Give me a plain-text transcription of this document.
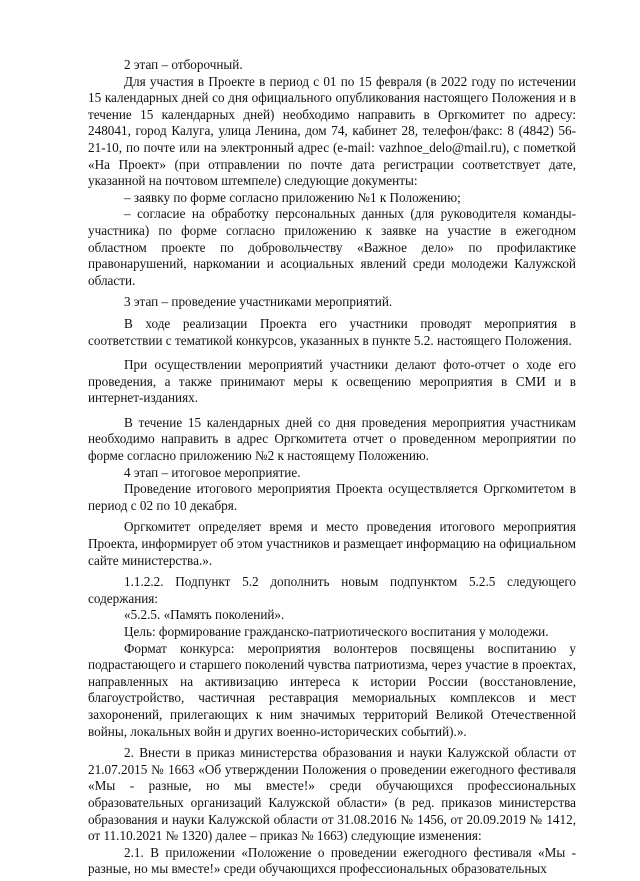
2 этап – отборочный.

Для участия в Проекте в период с 01 по 15 февраля (в 2022 году по истечении 15 календарных дней со дня официального опубликования настоящего Положения и в течение 15 календарных дней) необходимо направить в Оргкомитет по адресу: 248041, город Калуга, улица Ленина, дом 74, кабинет 28, телефон/факс: 8 (4842) 56-21-10, по почте или на электронный адрес (e-mail: vazhnoe_delo@mail.ru), с пометкой «На Проект» (при отправлении по почте дата регистрации соответствует дате, указанной на почтовом штемпеле) следующие документы:

– заявку по форме согласно приложению №1 к Положению;

– согласие на обработку персональных данных (для руководителя команды-участника) по форме согласно приложению к заявке на участие в ежегодном областном проекте по добровольчеству «Важное дело» по профилактике правонарушений, наркомании и асоциальных явлений среди молодежи Калужской области.

3 этап – проведение участниками мероприятий.

В ходе реализации Проекта его участники проводят мероприятия в соответствии с тематикой конкурсов, указанных в пункте 5.2. настоящего Положения.

При осуществлении мероприятий участники делают фото-отчет о ходе его проведения, а также принимают меры к освещению мероприятия в СМИ и в интернет-изданиях.

В течение 15 календарных дней со дня проведения мероприятия участникам необходимо направить в адрес Оргкомитета отчет о проведенном мероприятии по форме согласно приложению №2 к настоящему Положению.

4 этап – итоговое мероприятие.

Проведение итогового мероприятия Проекта осуществляется Оргкомитетом в период с 02 по 10 декабря.

Оргкомитет определяет время и место проведения итогового мероприятия Проекта, информирует об этом участников и размещает информацию на официальном сайте министерства.».

1.1.2.2. Подпункт 5.2 дополнить новым подпунктом 5.2.5 следующего содержания:

«5.2.5. «Память поколений».

Цель: формирование гражданско-патриотического воспитания у молодежи.

Формат конкурса: мероприятия волонтеров посвящены воспитанию у подрастающего и старшего поколений чувства патриотизма, через участие в проектах, направленных на активизацию интереса к истории России (восстановление, благоустройство, частичная реставрация мемориальных комплексов и мест захоронений, прилегающих к ним значимых территорий Великой Отечественной войны, локальных войн и других военно-исторических событий).».

2. Внести в приказ министерства образования и науки Калужской области от 21.07.2015 № 1663 «Об утверждении Положения о проведении ежегодного фестиваля «Мы - разные, но мы вместе!» среди обучающихся профессиональных образовательных организаций Калужской области» (в ред. приказов министерства образования и науки Калужской области от 31.08.2016 № 1456, от 20.09.2019 № 1412, от 11.10.2021 № 1320) далее – приказ № 1663) следующие изменения:

2.1. В приложении «Положение о проведении ежегодного фестиваля «Мы - разные, но мы вместе!» среди обучающихся профессиональных образовательных
